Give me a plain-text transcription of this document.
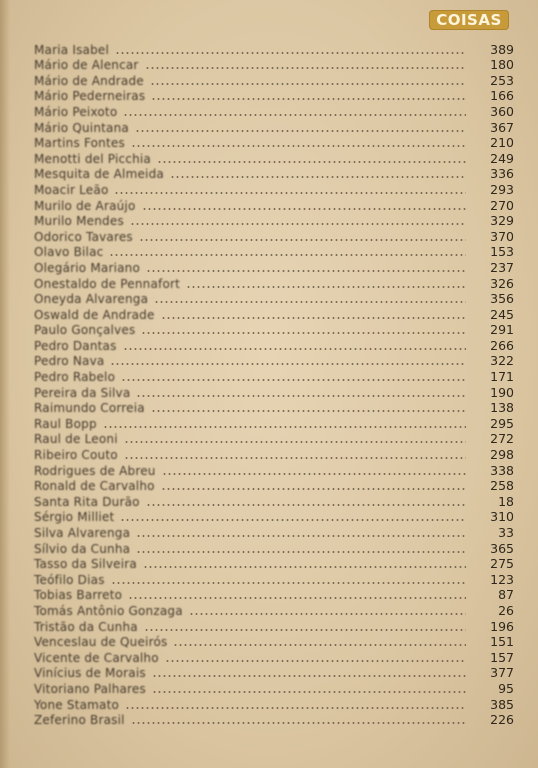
COISAS
Maria Isabel	389
Mário de Alencar	180
Mário de Andrade	253
Mário Pederneiras	166
Mário Peixoto	360
Mário Quintana	367
Martins Fontes	210
Menotti del Picchia	249
Mesquita de Almeida	336
Moacir Leão	293
Murilo de Araújo	270
Murilo Mendes	329
Odorico Tavares	370
Olavo Bilac	153
Olegário Mariano	237
Onestaldo de Pennafort	326
Oneyda Alvarenga	356
Oswald de Andrade	245
Paulo Gonçalves	291
Pedro Dantas	266
Pedro Nava	322
Pedro Rabelo	171
Pereira da Silva	190
Raimundo Correia	138
Raul Bopp	295
Raul de Leoni	272
Ribeiro Couto	298
Rodrigues de Abreu	338
Ronald de Carvalho	258
Santa Rita Durão	18
Sérgio Milliet	310
Silva Alvarenga	33
Sílvio da Cunha	365
Tasso da Silveira	275
Teófilo Dias	123
Tobias Barreto	87
Tomás Antônio Gonzaga	26
Tristão da Cunha	196
Venceslau de Queirós	151
Vicente de Carvalho	157
Vinícius de Morais	377
Vitoriano Palhares	95
Yone Stamato	385
Zeferino Brasil	226
